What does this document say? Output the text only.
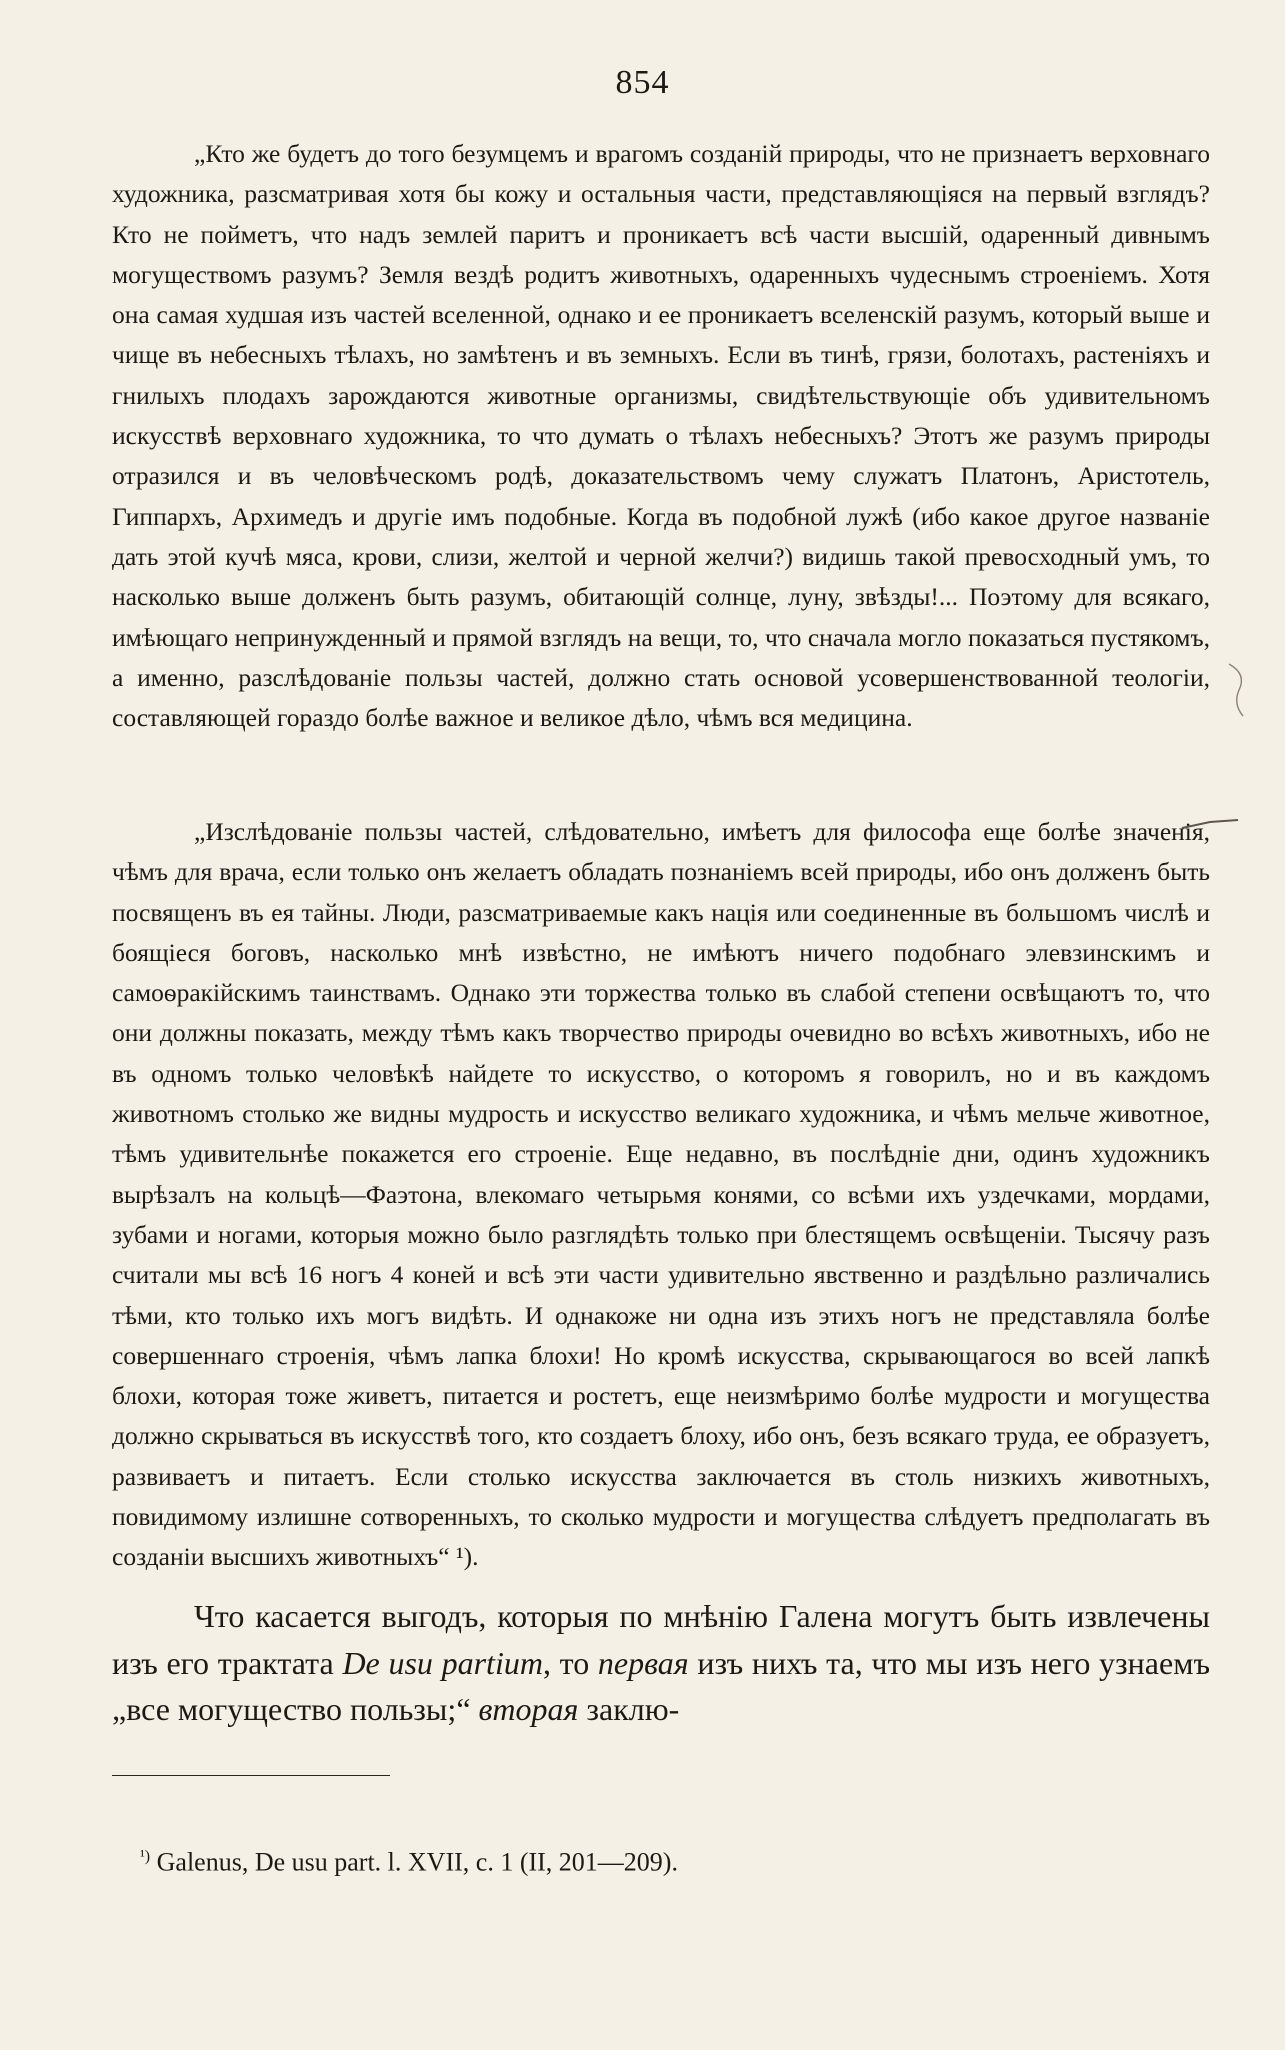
854

„Кто же будетъ до того безумцемъ и врагомъ созданій природы, что не признаетъ верховнаго художника, разсматривая хотя бы кожу и остальныя части, представляющіяся на первый взглядъ? Кто не пойметъ, что надъ землей паритъ и проникаетъ всѣ части высшій, одаренный дивнымъ могуществомъ разумъ? Земля вездѣ родитъ животныхъ, одаренныхъ чудеснымъ строеніемъ. Хотя она самая худшая изъ частей вселенной, однако и ее проникаетъ вселенскій разумъ, который выше и чище въ небесныхъ тѣлахъ, но замѣтенъ и въ земныхъ. Если въ тинѣ, грязи, болотахъ, растеніяхъ и гнилыхъ плодахъ зарождаются животные организмы, свидѣтельствующіе объ удивительномъ искусствѣ верховнаго художника, то что думать о тѣлахъ небесныхъ? Этотъ же разумъ природы отразился и въ человѣческомъ родѣ, доказательствомъ чему служатъ Платонъ, Аристотель, Гиппархъ, Архимедъ и другіе имъ подобные. Когда въ подобной лужѣ (ибо какое другое названіе дать этой кучѣ мяса, крови, слизи, желтой и черной желчи?) видишь такой превосходный умъ, то насколько выше долженъ быть разумъ, обитающій солнце, луну, звѣзды!... Поэтому для всякаго, имѣющаго непринужденный и прямой взглядъ на вещи, то, что сначала могло показаться пустякомъ, а именно, разслѣдованіе пользы частей, должно стать основой усовершенствованной теологіи, составляющей гораздо болѣе важное и великое дѣло, чѣмъ вся медицина.

„Изслѣдованіе пользы частей, слѣдовательно, имѣетъ для философа еще болѣе значенія, чѣмъ для врача, если только онъ желаетъ обладать познаніемъ всей природы, ибо онъ долженъ быть посвященъ въ ея тайны. Люди, разсматриваемые какъ нація или соединенные въ большомъ числѣ и боящіеся боговъ, насколько мнѣ извѣстно, не имѣютъ ничего подобнаго элевзинскимъ и самоѳракійскимъ таинствамъ. Однако эти торжества только въ слабой степени освѣщаютъ то, что они должны показать, между тѣмъ какъ творчество природы очевидно во всѣхъ животныхъ, ибо не въ одномъ только человѣкѣ найдете то искусство, о которомъ я говорилъ, но и въ каждомъ животномъ столько же видны мудрость и искусство великаго художника, и чѣмъ мельче животное, тѣмъ удивительнѣе покажется его строеніе. Еще недавно, въ послѣдніе дни, одинъ художникъ вырѣзалъ на кольцѣ—Фаэтона, влекомаго четырьмя конями, со всѣми ихъ уздечками, мордами, зубами и ногами, которыя можно было разглядѣть только при блестящемъ освѣщеніи. Тысячу разъ считали мы всѣ 16 ногъ 4 коней и всѣ эти части удивительно явственно и раздѣльно различались тѣми, кто только ихъ могъ видѣть. И однакоже ни одна изъ этихъ ногъ не представляла болѣе совершеннаго строенія, чѣмъ лапка блохи! Но кромѣ искусства, скрывающагося во всей лапкѣ блохи, которая тоже живетъ, питается и ростетъ, еще неизмѣримо болѣе мудрости и могущества должно скрываться въ искусствѣ того, кто создаетъ блоху, ибо онъ, безъ всякаго труда, ее образуетъ, развиваетъ и питаетъ. Если столько искусства заключается въ столь низкихъ животныхъ, повидимому излишне сотворенныхъ, то сколько мудрости и могущества слѣдуетъ предполагать въ созданіи высшихъ животныхъ“ ¹).

Что касается выгодъ, которыя по мнѣнію Галена могутъ быть извлечены изъ его трактата De usu partium, то первая изъ нихъ та, что мы изъ него узнаемъ „все могущество пользы;“ вторая заклю-

$^{^1)}$ Galenus, De usu part. l. XVII, c. 1 (II, 201—209).
